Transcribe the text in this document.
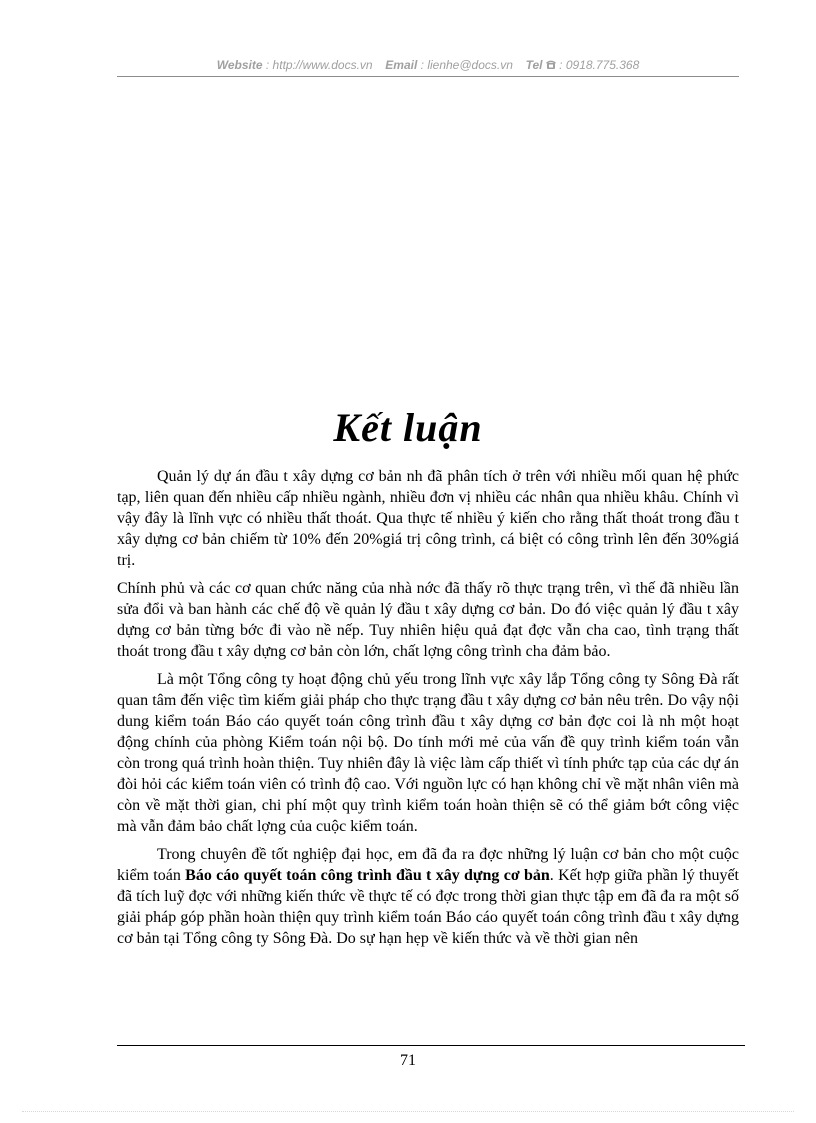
Website : http://www.docs.vn Email : lienhe@docs.vn Tel : 0918.775.368
Kết luận

Quản lý dự án đầu t xây dựng cơ bản nh đã phân tích ở trên với nhiều mối quan hệ phức tạp, liên quan đến nhiều cấp nhiều ngành, nhiều đơn vị nhiều các nhân qua nhiều khâu. Chính vì vậy đây là lĩnh vực có nhiều thất thoát. Qua thực tế nhiều ý kiến cho rằng thất thoát trong đầu t xây dựng cơ bản chiếm từ 10% đến 20%giá trị công trình, cá biệt có công trình lên đến 30%giá trị.

Chính phủ và các cơ quan chức năng của nhà nớc đã thấy rõ thực trạng trên, vì thế đã nhiều lần sửa đổi và ban hành các chế độ về quản lý đầu t xây dựng cơ bản. Do đó việc quản lý đầu t xây dựng cơ bản từng bớc đi vào nề nếp. Tuy nhiên hiệu quả đạt đợc vẫn cha cao, tình trạng thất thoát trong đầu t xây dựng cơ bản còn lớn, chất lợng công trình cha đảm bảo.

Là một Tổng công ty hoạt động chủ yếu trong lĩnh vực xây lắp Tổng công ty Sông Đà rất quan tâm đến việc tìm kiếm giải pháp cho thực trạng đầu t xây dựng cơ bản nêu trên. Do vậy nội dung kiểm toán Báo cáo quyết toán công trình đầu t xây dựng cơ bản đợc coi là nh một hoạt động chính của phòng Kiểm toán nội bộ. Do tính mới mẻ của vấn đề quy trình kiểm toán vẫn còn trong quá trình hoàn thiện. Tuy nhiên đây là việc làm cấp thiết vì tính phức tạp của các dự án đòi hỏi các kiểm toán viên có trình độ cao. Với nguồn lực có hạn không chỉ về mặt nhân viên mà còn về mặt thời gian, chi phí một quy trình kiểm toán hoàn thiện sẽ có thể giảm bớt công việc mà vẫn đảm bảo chất lợng của cuộc kiểm toán.

Trong chuyên đề tốt nghiệp đại học, em đã đa ra đợc những lý luận cơ bản cho một cuộc kiểm toán Báo cáo quyết toán công trình đầu t xây dựng cơ bản. Kết hợp giữa phần lý thuyết đã tích luỹ đợc với những kiến thức về thực tế có đợc trong thời gian thực tập em đã đa ra một số giải pháp góp phần hoàn thiện quy trình kiểm toán Báo cáo quyết toán công trình đầu t xây dựng cơ bản tại Tổng công ty Sông Đà. Do sự hạn hẹp về kiến thức và về thời gian nên

71
